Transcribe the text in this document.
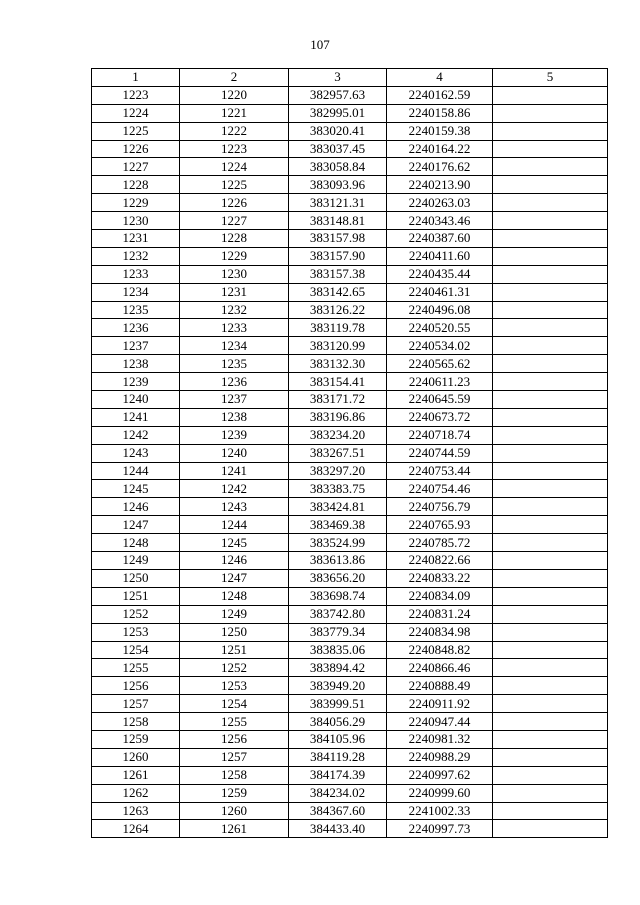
107
1	2	3	4	5
1223	1220	382957.63	2240162.59	
1224	1221	382995.01	2240158.86	
1225	1222	383020.41	2240159.38	
1226	1223	383037.45	2240164.22	
1227	1224	383058.84	2240176.62	
1228	1225	383093.96	2240213.90	
1229	1226	383121.31	2240263.03	
1230	1227	383148.81	2240343.46	
1231	1228	383157.98	2240387.60	
1232	1229	383157.90	2240411.60	
1233	1230	383157.38	2240435.44	
1234	1231	383142.65	2240461.31	
1235	1232	383126.22	2240496.08	
1236	1233	383119.78	2240520.55	
1237	1234	383120.99	2240534.02	
1238	1235	383132.30	2240565.62	
1239	1236	383154.41	2240611.23	
1240	1237	383171.72	2240645.59	
1241	1238	383196.86	2240673.72	
1242	1239	383234.20	2240718.74	
1243	1240	383267.51	2240744.59	
1244	1241	383297.20	2240753.44	
1245	1242	383383.75	2240754.46	
1246	1243	383424.81	2240756.79	
1247	1244	383469.38	2240765.93	
1248	1245	383524.99	2240785.72	
1249	1246	383613.86	2240822.66	
1250	1247	383656.20	2240833.22	
1251	1248	383698.74	2240834.09	
1252	1249	383742.80	2240831.24	
1253	1250	383779.34	2240834.98	
1254	1251	383835.06	2240848.82	
1255	1252	383894.42	2240866.46	
1256	1253	383949.20	2240888.49	
1257	1254	383999.51	2240911.92	
1258	1255	384056.29	2240947.44	
1259	1256	384105.96	2240981.32	
1260	1257	384119.28	2240988.29	
1261	1258	384174.39	2240997.62	
1262	1259	384234.02	2240999.60	
1263	1260	384367.60	2241002.33	
1264	1261	384433.40	2240997.73	
